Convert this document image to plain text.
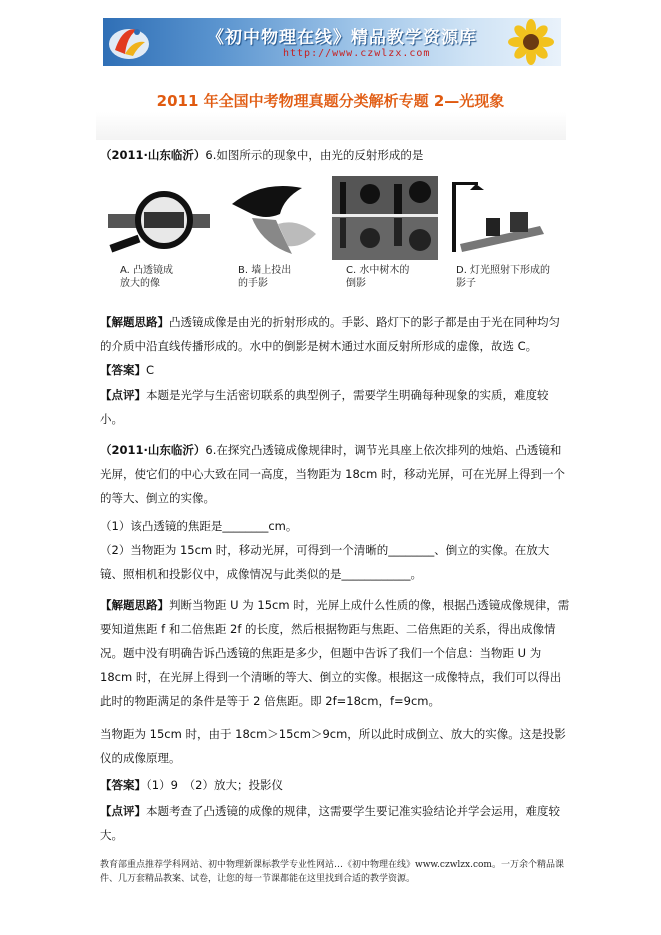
《初中物理在线》精品教学资源库
http://www.czwlzx.com
2011 年全国中考物理真题分类解析专题 2—光现象
（2011·山东临沂）6.如图所示的现象中，由光的反射形成的是
A. 凸透镜成
放大的像
B. 墙上投出
的手影
C. 水中树木的
倒影
D. 灯光照射下形成的
影子
【解题思路】凸透镜成像是由光的折射形成的。手影、路灯下的影子都是由于光在同种均匀的介质中沿直线传播形成的。水中的倒影是树木通过水面反射所形成的虚像，故选 C。
【答案】C
【点评】本题是光学与生活密切联系的典型例子，需要学生明确每种现象的实质，难度较小。
（2011·山东临沂）6.在探究凸透镜成像规律时，调节光具座上依次排列的烛焰、凸透镜和光屏，使它们的中心大致在同一高度，当物距为 18cm 时，移动光屏，可在光屏上得到一个的等大、倒立的实像。
（1）该凸透镜的焦距是________cm。
（2）当物距为 15cm 时，移动光屏，可得到一个清晰的________、倒立的实像。在放大镜、照相机和投影仪中，成像情况与此类似的是____________。
【解题思路】判断当物距 U 为 15cm 时，光屏上成什么性质的像，根据凸透镜成像规律，需要知道焦距 f 和二倍焦距 2f 的长度，然后根据物距与焦距、二倍焦距的关系，得出成像情况。题中没有明确告诉凸透镜的焦距是多少，但题中告诉了我们一个信息：当物距 U 为 18cm 时，在光屏上得到一个清晰的等大、倒立的实像。根据这一成像特点，我们可以得出此时的物距满足的条件是等于 2 倍焦距。即 2f=18cm，f=9cm。
当物距为 15cm 时，由于 18cm＞15cm＞9cm，所以此时成倒立、放大的实像。这是投影仪的成像原理。
【答案】（1）9　（2）放大；投影仪
【点评】本题考查了凸透镜的成像的规律，这需要学生要记准实验结论并学会运用，难度较大。
教育部重点推荐学科网站、初中物理新课标教学专业性网站…《初中物理在线》www.czwlzx.com。一万余个精品课件、几万套精品教案、试卷，让您的每一节课都能在这里找到合适的教学资源。
